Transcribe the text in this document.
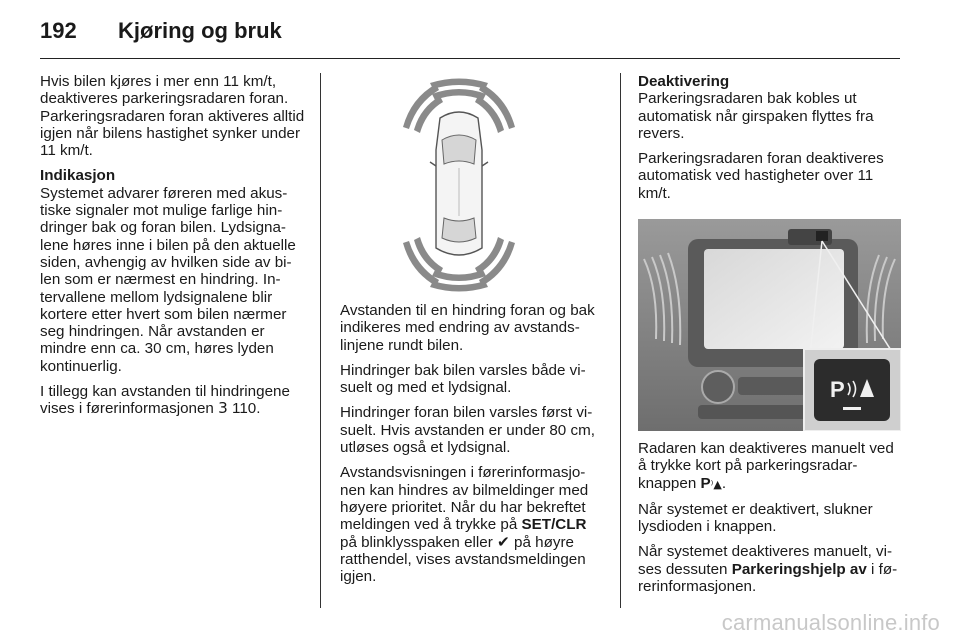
192	Kjøring og bruk

Hvis bilen kjøres i mer enn 11 km/t, deaktiveres parkeringsradaren foran. Parkeringsradaren foran aktiveres alltid igjen når bilens hastighet synker under 11 km/t.

Indikasjon
Systemet advarer føreren med akus-tiske signaler mot mulige farlige hin-dringer bak og foran bilen. Lydsigna-lene høres inne i bilen på den aktuelle siden, avhengig av hvilken side av bi-len som er nærmest en hindring. In-tervallene mellom lydsignalene blir kortere etter hvert som bilen nærmer seg hindringen. Når avstanden er mindre enn ca. 30 cm, høres lyden kontinuerlig.

I tillegg kan avstanden til hindringene vises i førerinformasjonen 3 110.

Avstanden til en hindring foran og bak indikeres med endring av avstands-linjene rundt bilen.

Hindringer bak bilen varsles både vi-suelt og med et lydsignal.

Hindringer foran bilen varsles først vi-suelt. Hvis avstanden er under 80 cm, utløses også et lydsignal.

Avstandsvisningen i førerinformasjo-nen kan hindres av bilmeldinger med høyere prioritet. Når du har bekreftet meldingen ved å trykke på SET/CLR på blinklysspaken eller ✔ på høyre ratthendel, vises avstandsmeldingen igjen.

Deaktivering
Parkeringsradaren bak kobles ut automatisk når girspaken flyttes fra revers.

Parkeringsradaren foran deaktiveres automatisk ved hastigheter over 11 km/t.

Radaren kan deaktiveres manuelt ved å trykke kort på parkeringsradar-knappen P⁾▲.

Når systemet er deaktivert, slukner lysdioden i knappen.

Når systemet deaktiveres manuelt, vi-ses dessuten Parkeringshjelp av i fø-rerinformasjonen.

P
carmanualsonline.info
